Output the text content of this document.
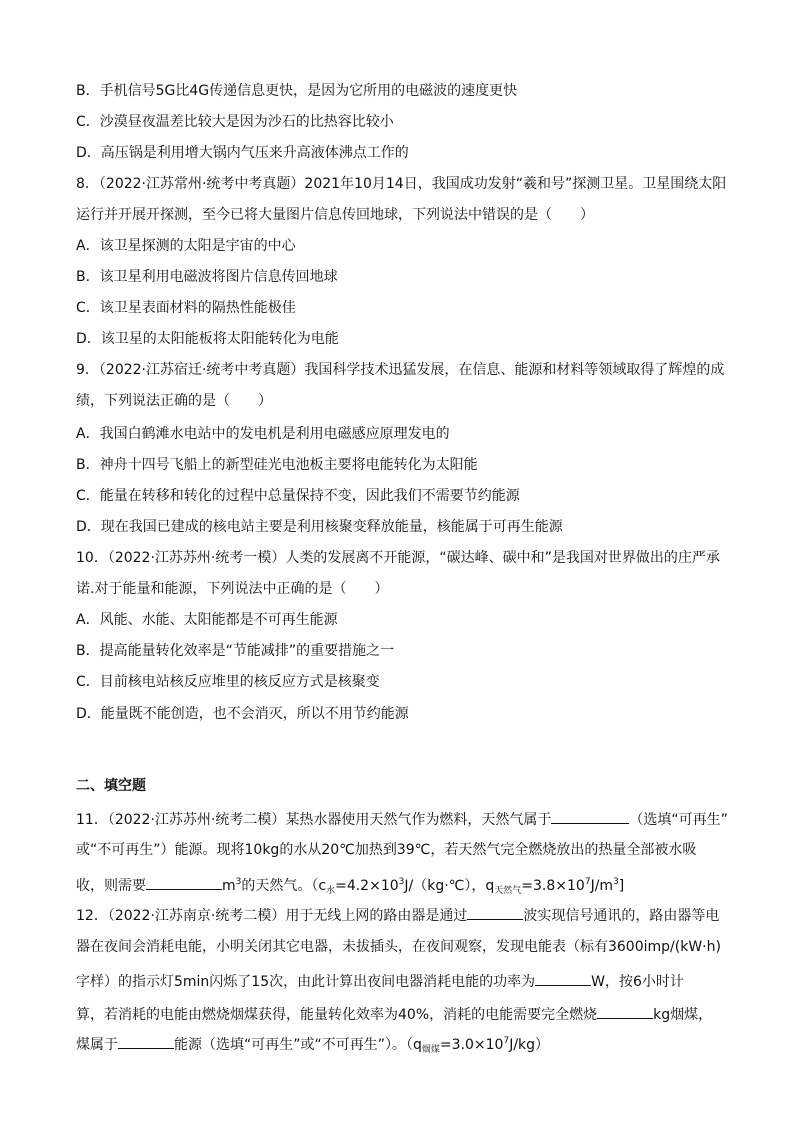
B．手机信号5G比4G传递信息更快，是因为它所用的电磁波的速度更快
C．沙漠昼夜温差比较大是因为沙石的比热容比较小
D．高压锅是利用增大锅内气压来升高液体沸点工作的
8．（2022·江苏常州·统考中考真题）2021年10月14日，我国成功发射“羲和号”探测卫星。卫星围绕太阳
运行并开展开探测，至今已将大量图片信息传回地球，下列说法中错误的是（　　）
A．该卫星探测的太阳是宇宙的中心
B．该卫星利用电磁波将图片信息传回地球
C．该卫星表面材料的隔热性能极佳
D．该卫星的太阳能板将太阳能转化为电能
9．（2022·江苏宿迁·统考中考真题）我国科学技术迅猛发展，在信息、能源和材料等领域取得了辉煌的成
绩，下列说法正确的是（　　）
A．我国白鹤滩水电站中的发电机是利用电磁感应原理发电的
B．神舟十四号飞船上的新型硅光电池板主要将电能转化为太阳能
C．能量在转移和转化的过程中总量保持不变，因此我们不需要节约能源
D．现在我国已建成的核电站主要是利用核聚变释放能量，核能属于可再生能源
10．（2022·江苏苏州·统考一模）人类的发展离不开能源，“碳达峰、碳中和”是我国对世界做出的庄严承
诺.对于能量和能源，下列说法中正确的是（　　）
A．风能、水能、太阳能都是不可再生能源
B．提高能量转化效率是“节能减排”的重要措施之一
C．目前核电站核反应堆里的核反应方式是核聚变
D．能量既不能创造，也不会消灭，所以不用节约能源
二、填空题
11．（2022·江苏苏州·统考二模）某热水器使用天然气作为燃料，天然气属于	（选填“可再生”
或“不可再生”）能源。现将10kg的水从20℃加热到39℃，若天然气完全燃烧放出的热量全部被水吸
收，则需要	$m^3$的天然气。（$c_水=4.2\times 10^3J/(kg\cdot℃)$，$q_{天然气}=3.8\times 10^7J/m^3$]
12．（2022·江苏南京·统考二模）用于无线上网的路由器是通过	波实现信号通讯的，路由器等电
器在夜间会消耗电能，小明关闭其它电器，未拔插头，在夜间观察，发现电能表（标有3600imp/(kW·h)
字样）的指示灯5min闪烁了15次，由此计算出夜间电器消耗电能的功率为	W，按6小时计
算，若消耗的电能由燃烧烟煤获得，能量转化效率为40%，消耗的电能需要完全燃烧	kg烟煤，
煤属于	能源（选填“可再生”或“不可再生”）。$(q_{烟煤}=3.0\times 10^7J/kg)$
